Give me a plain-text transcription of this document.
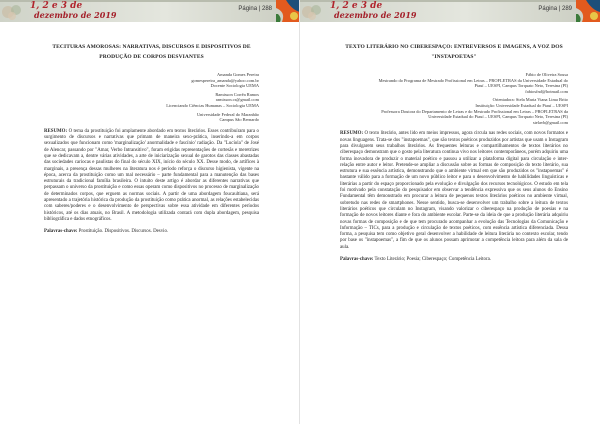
1, 2 e 3 de
dezembro de 2019
Página | 288
TECITURAS AMOROSAS: NARRATIVAS, DISCURSOS E DISPOSITIVOS DE PRODUÇÃO DE CORPOS DESVIANTES
Amanda Gomes Pereira
gomespereira_amanda@yahoo.com.br
Docente Sociologia UEMA
Ramisson Corrêa Ramos
ramisson.cs@gmail.com
Licenciando Ciências Humanas – Sociologia UEMA
Universidade Federal do Maranhão
Campus São Bernardo
RESUMO: O tema da prostituição foi amplamente abordado em textos literários. Esses contribuíram para o surgimento de discursos e narrativas que primam de maneira sexo-prática, inserindo-a em corpos sexualizados que funcionam como 'marginalização' anormalidade e fascínio' radiação. Da "Lucíola" de José de Alencar, passando por "Amar, Verbo Intransitivo", foram erigidas representações de cortesãs e meretrizes que se dedicavam a, dentre várias atividades, a arte de iniciarização sexual de garotos das classes abastadas das sociedades cariocas e paulistas do final do século XIX, início do século XX. Desse modo, de artífices à marginais, a presença dessas mulheres na literatura nos é período reforça o discurso higienista, vigente na época, acerca da prostituição como um mal necessário – parte fundamental para a manutenção das bases estruturais da tradicional família brasileira. O intuito deste artigo é abordar as diferentes narrativas que perpassam o universo da prostituição e como essas operam como dispositivos no processo de marginalização de determinados corpos, que erguem as normas sociais. A partir de uma abordagem foucaultiana, será apresentado a trajetória histórica da produção da prostituição como prática anormal, as relações estabelecidas com saberes/poderes e o desenvolvimento de perspectivas sobre essa atividade em diferentes períodos históricos, até os dias atuais, no Brasil. A metodologia utilizada contará com dupla abordagem, pesquisa bibliográfica e dados etnográficos.
Palavras-chave: Prostituição. Dispositivos. Discursos. Desvio.
1, 2 e 3 de
dezembro de 2019
Página | 289
TEXTO LITERÁRIO NO CIBERESPAÇO: ENTREVERSOS E IMAGENS, A VOZ DOS "INSTAPOETAS"
Fábio de Oliveira Sousa
Mestrando do Programa de Mestrado Profissional em Letras – PROFLETRAS da Universidade Estadual do
Piauí – UESPI, Campus Torquato Neto, Teresina (PI)
fabiosfnd@hotmail.com
Orientadora: Stela Maria Viana Lima Brito
Instituição: Universidade Estadual do Piauí – UESPI
Professora Doutora do Departamento de Letras e do Mestrado Profissional em Letras – PROFLETRAS da
Universidade Estadual do Piauí – UESPI, Campus Torquato Neto, Teresina (PI)
stelavb@gmail.com
RESUMO: O texto literário, antes lido em meios impressos, agora circula nas redes sociais, com novos formatos e novas linguagens. Trata-se dos "instapoemas", que são textos poéticos produzidos por artistas que usam o Instagram para divulgarem seus trabalhos literários. As frequentes leituras e compartilhamentos de textos literários no ciberespaço demonstram que o gosto pela literatura continua vivo nos leitores contemporâneos, porém adquiriu uma forma inovadora de produzir o material poético e passou a utilizar a plataforma digital para circulação e inter-relação entre autor e leitor. Pretende-se ampliar a discussão sobre as formas de composição do texto literário, sua estrutura e sua essência artística, demonstrando que o ambiente virtual em que são produzidos os "instapoemas" é bastante válido para a formação de um novo público leitor e para o desenvolvimento de habilidades linguísticas e literárias a partir do espaço proporcionado pela evolução e divulgação dos recursos tecnológicos. O estudo em tela foi motivado pela constatação do pesquisador em observar a tendência expressiva que os seus alunos do Ensino Fundamental têm demonstrado em procurar a leitura de pequenos textos literários poéticos no ambiente virtual, sobretudo nas redes de smartphones. Nesse sentido, busca-se desenvolver um trabalho sobre a leitura de textos literários poéticos que circulam no Instagram, visando valorizar o ciberespaço na produção de poesias e na formação de novos leitores diante e fora do ambiente escolar. Parte-se da ideia de que a produção literária adquiriu novas formas de composição e de que tem procurado acompanhar a evolução das Tecnologias da Comunicação e Informação – TICs, para a produção e circulação de textos poéticos, com essência artística diferenciada. Dessa forma, a pesquisa tem como objetivo geral desenvolver a habilidade de leitura literária no contexto escolar, tendo por base os "instapoemas", a fim de que os alunos possam aprimorar a competência leitora para além da sala de aula.
Palavras-chave: Texto Literário; Poesia; Ciberespaço; Competência Leitora.
